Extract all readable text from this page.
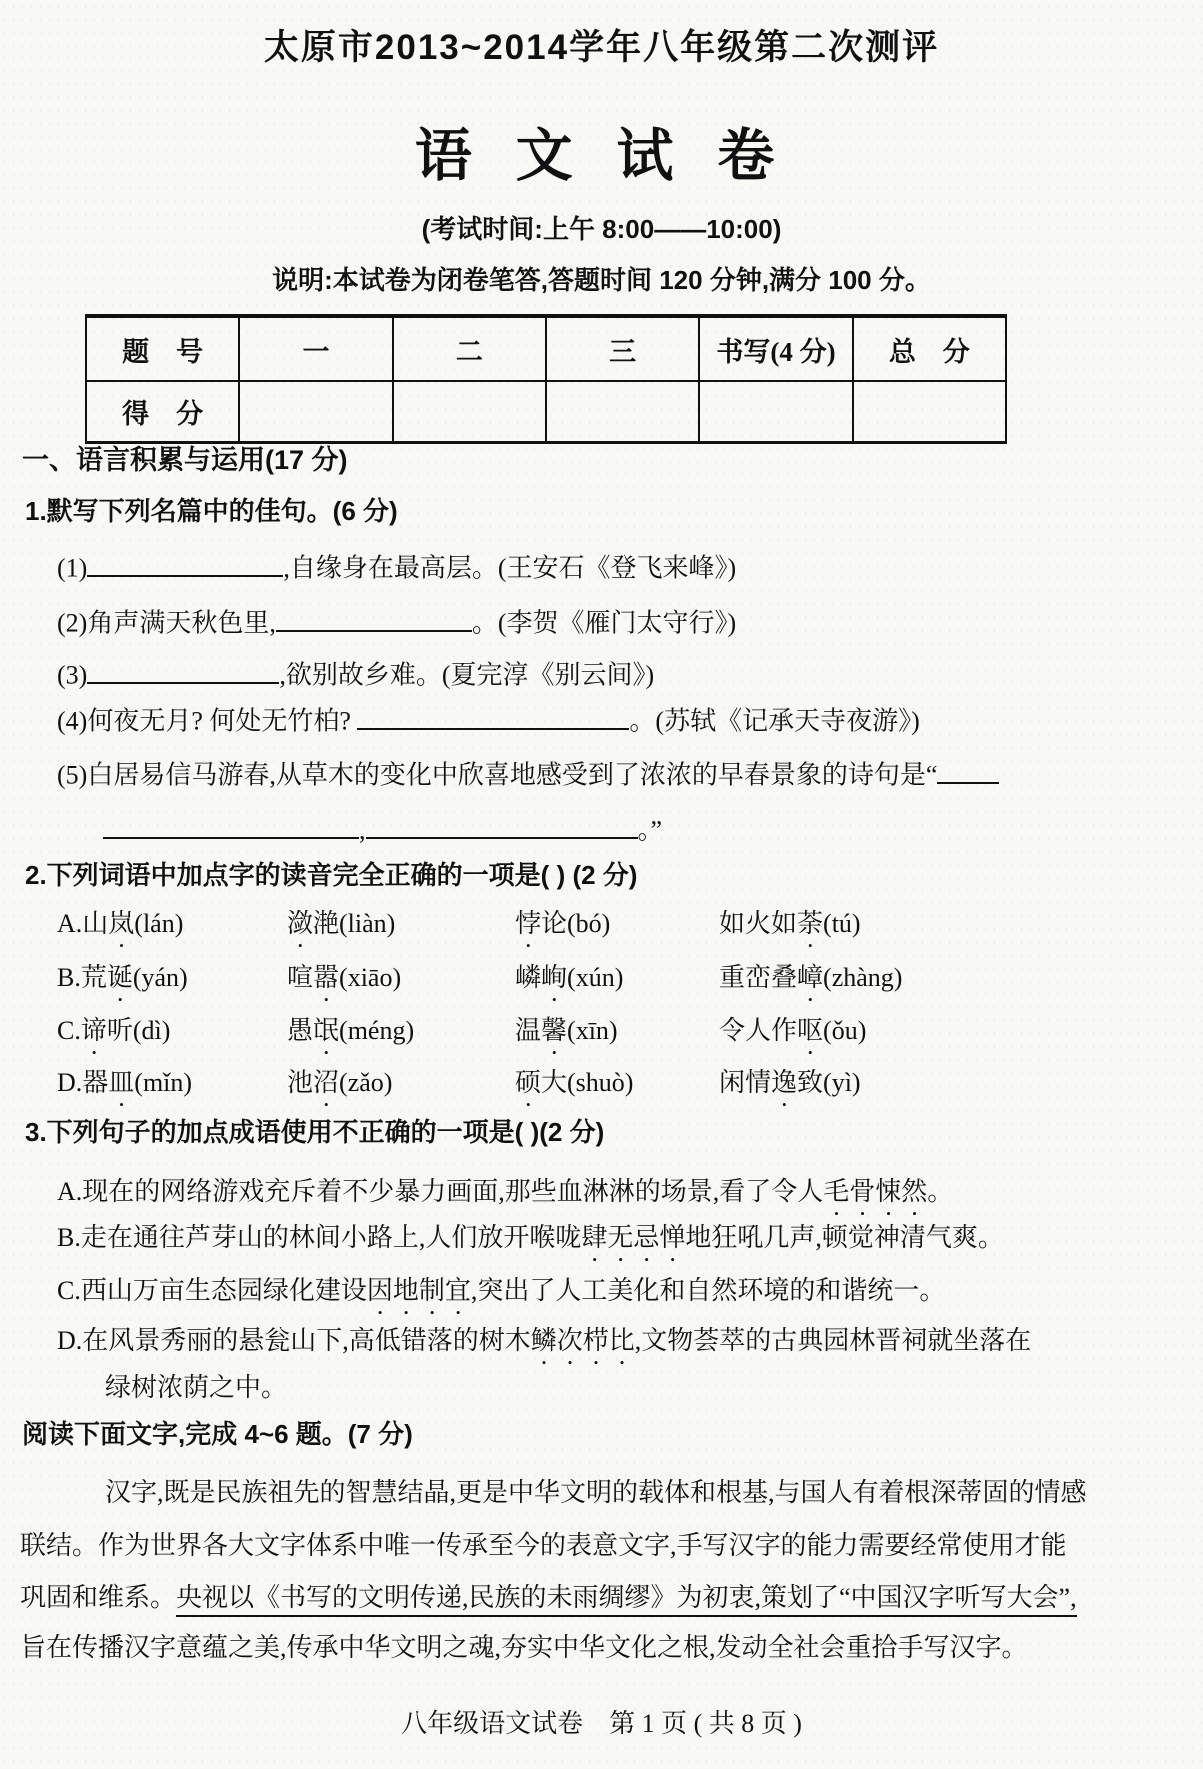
太原市2013~2014学年八年级第二次测评
语 文 试 卷
(考试时间:上午 8:00——10:00)
说明:本试卷为闭卷笔答,答题时间 120 分钟,满分 100 分。
题　号	一	二	三	书写(4 分)	总　分
得　分					
一、语言积累与运用(17 分)
1.默写下列名篇中的佳句。(6 分)
(1)	,自缘身在最高层。(王安石《登飞来峰》)
(2)角声满天秋色里,	。(李贺《雁门太守行》)
(3)	,欲别故乡难。(夏完淳《别云间》)
(4)何夜无月? 何处无竹柏?	。(苏轼《记承天寺夜游》)
(5)白居易信马游春,从草木的变化中欣喜地感受到了浓浓的早春景象的诗句是“
,	。”
2.下列词语中加点字的读音完全正确的一项是( ) (2 分)
A.山岚(lán)	潋滟(liàn)	悖论(bó)	如火如荼(tú)
B.荒诞(yán)	喧嚣(xiāo)	嶙峋(xún)	重峦叠嶂(zhàng)
C.谛听(dì)	愚氓(méng)	温馨(xīn)	令人作呕(ǒu)
D.器皿(mǐn)	池沼(zǎo)	硕大(shuò)	闲情逸致(yì)
3.下列句子的加点成语使用不正确的一项是( )(2 分)
A.现在的网络游戏充斥着不少暴力画面,那些血淋淋的场景,看了令人毛骨悚然。
B.走在通往芦芽山的林间小路上,人们放开喉咙肆无忌惮地狂吼几声,顿觉神清气爽。
C.西山万亩生态园绿化建设因地制宜,突出了人工美化和自然环境的和谐统一。
D.在风景秀丽的悬瓮山下,高低错落的树木鳞次栉比,文物荟萃的古典园林晋祠就坐落在
绿树浓荫之中。
阅读下面文字,完成 4~6 题。(7 分)
汉字,既是民族祖先的智慧结晶,更是中华文明的载体和根基,与国人有着根深蒂固的情感
联结。作为世界各大文字体系中唯一传承至今的表意文字,手写汉字的能力需要经常使用才能
巩固和维系。央视以《书写的文明传递,民族的未雨绸缪》为初衷,策划了“中国汉字听写大会”,
旨在传播汉字意蕴之美,传承中华文明之魂,夯实中华文化之根,发动全社会重拾手写汉字。
八年级语文试卷　第 1 页 ( 共 8 页 )
